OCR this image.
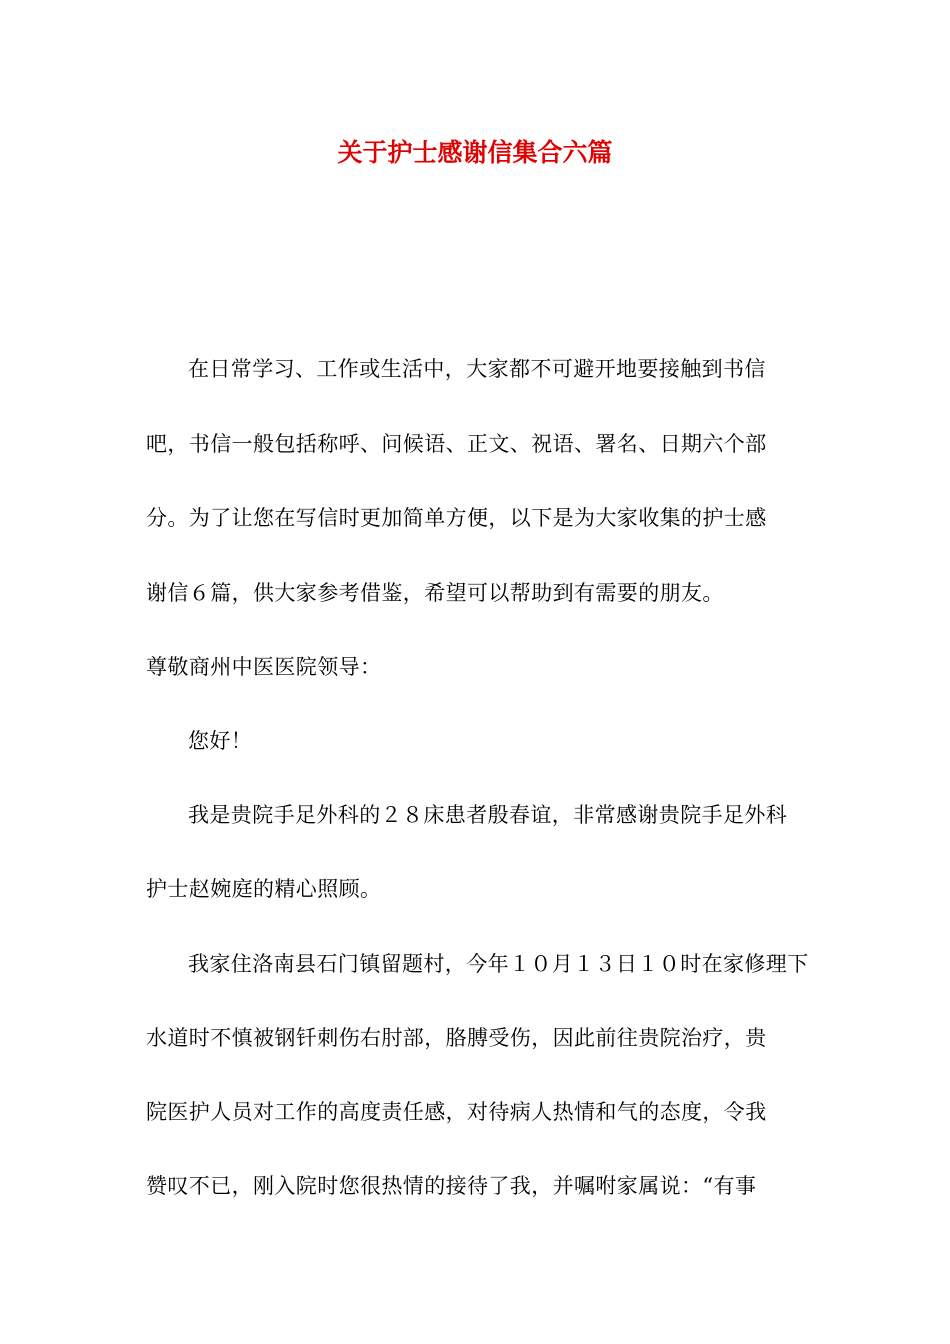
关于护士感谢信集合六篇
在日常学习、工作或生活中，大家都不可避开地要接触到书信
吧，书信一般包括称呼、问候语、正文、祝语、署名、日期六个部
分。为了让您在写信时更加简单方便，以下是为大家收集的护士感
谢信６篇，供大家参考借鉴，希望可以帮助到有需要的朋友。
尊敬商州中医医院领导：
您好！
我是贵院手足外科的２８床患者殷春谊，非常感谢贵院手足外科
护士赵婉庭的精心照顾。
我家住洛南县石门镇留题村，今年１０月１３日１０时在家修理下
水道时不慎被钢钎刺伤右肘部，胳膊受伤，因此前往贵院治疗，贵
院医护人员对工作的高度责任感，对待病人热情和气的态度，令我
赞叹不已，刚入院时您很热情的接待了我，并嘱咐家属说：“有事
